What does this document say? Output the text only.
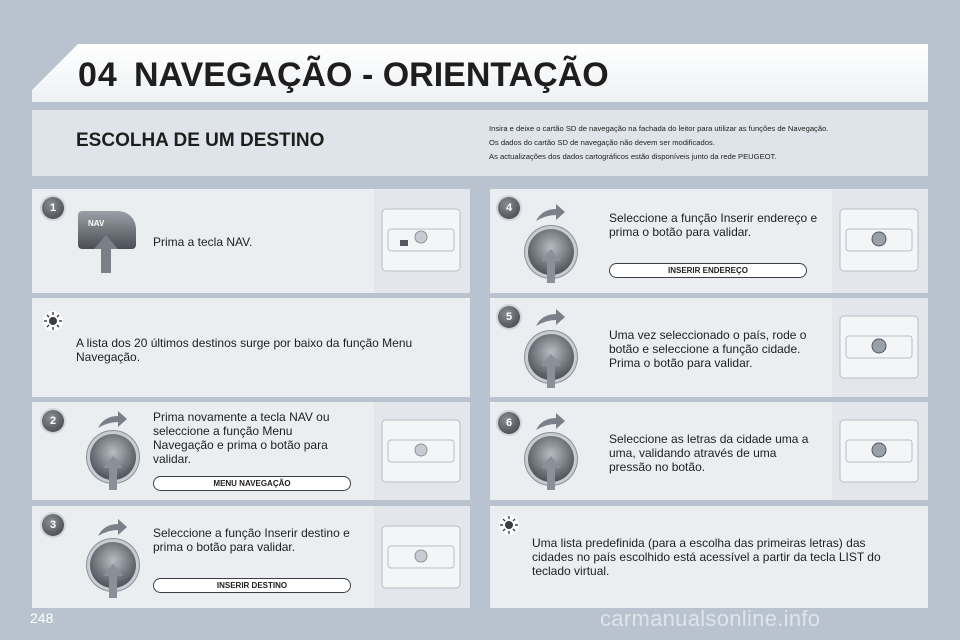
04 NAVEGAÇÃO - ORIENTAÇÃO
ESCOLHA DE UM DESTINO

Insira e deixe o cartão SD de navegação na fachada do leitor para utilizar as funções de Navegação.

Os dados do cartão SD de navegação não devem ser modificados.

As actualizações dos dados cartográficos estão disponíveis junto da rede PEUGEOT.

1
NAV
Prima a tecla NAV.
A lista dos 20 últimos destinos surge por baixo da função Menu Navegação.
2	Prima novamente a tecla NAV ou seleccione a função Menu Navegação e prima o botão para validar.
MENU NAVEGAÇÃO
3
Seleccione a função Inserir destino e prima o botão para validar.
INSERIR DESTINO
4
Seleccione a função Inserir endereço e prima o botão para validar.
INSERIR ENDEREÇO
5
Uma vez seleccionado o país, rode o botão e seleccione a função cidade. Prima o botão para validar.
6
Seleccione as letras da cidade uma a uma, validando através de uma pressão no botão.
Uma lista predefinida (para a escolha das primeiras letras) das cidades no país escolhido está acessível a partir da tecla LIST do teclado virtual.
248	carmanualsonline.info
